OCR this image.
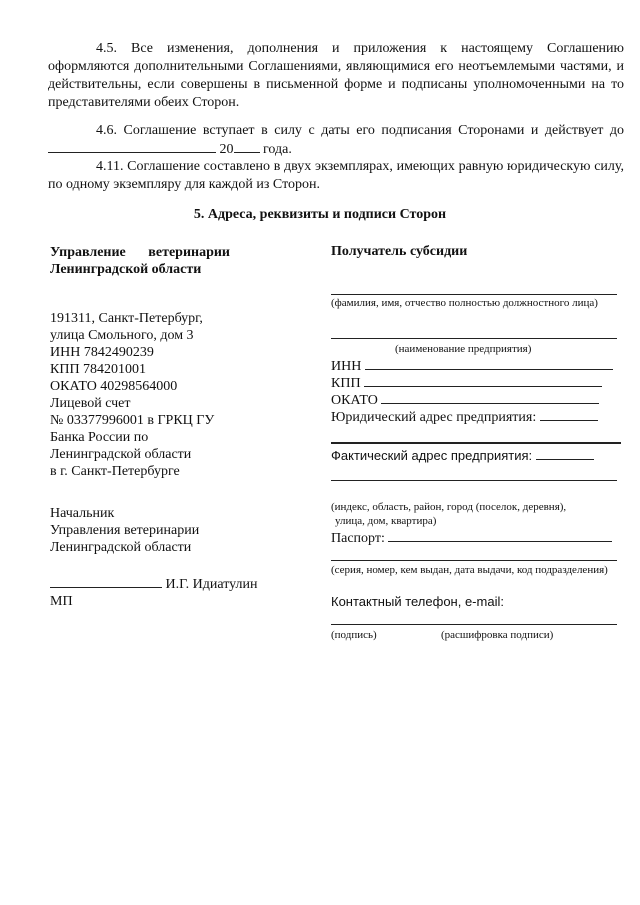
4.5. Все изменения, дополнения и приложения к настоящему Соглашению оформляются дополнительными Соглашениями, являющимися его неотъемлемыми частями, и действительны, если совершены в письменной форме и подписаны уполномоченными на то представителями обеих Сторон.

4.6. Соглашение вступает в силу с даты его подписания Сторонами и действует до  20 года.

4.11. Соглашение составлено в двух экземплярах, имеющих равную юридическую силу, по одному экземпляру для каждой из Сторон.

5. Адреса, реквизиты и подписи Сторон
Управление ветеринарии
Ленинградской области
191311, Санкт-Петербург,
улица Смольного, дом 3
ИНН 7842490239
КПП 784201001
ОКАТО 40298564000
Лицевой счет
№ 03377996001 в ГРКЦ ГУ
Банка России по
Ленинградской области
в г. Санкт-Петербурге
Начальник
Управления ветеринарии
Ленинградской области
И.Г. Идиатулин
МП
Получатель субсидии
(фамилия, имя, отчество полностью должностного лица)
(наименование предприятия)
ИНН
КПП
ОКАТО
Юридический адрес предприятия:
Фактический адрес предприятия:
(индекс, область, район, город (поселок, деревня),
улица, дом, квартира)
Паспорт:
(серия, номер, кем выдан, дата выдачи, код подразделения)
Контактный телефон, e-mail:
(подпись)	(расшифровка подписи)
